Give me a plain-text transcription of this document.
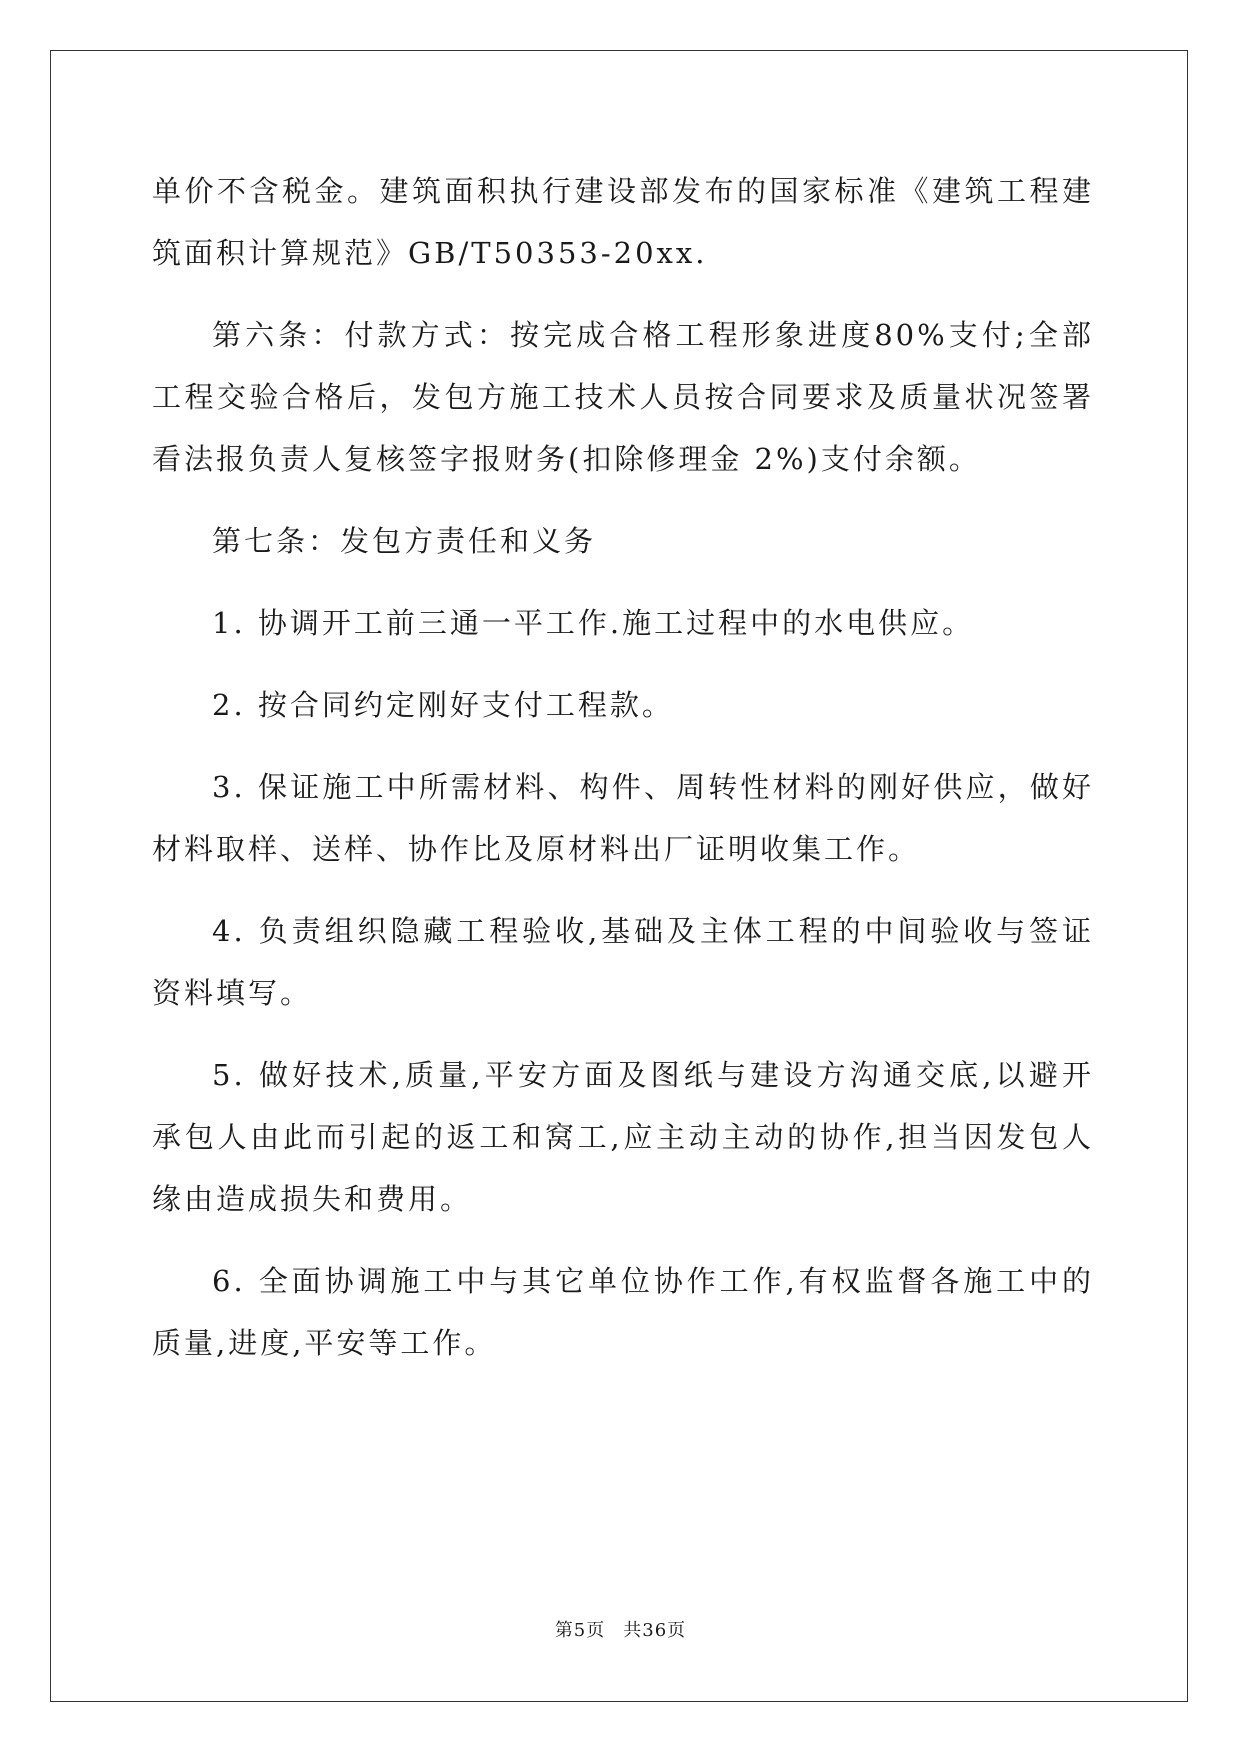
单价不含税金。建筑面积执行建设部发布的国家标准《建筑工程建筑面积计算规范》GB/T50353-20xx.

第六条：付款方式：按完成合格工程形象进度80%支付;全部工程交验合格后，发包方施工技术人员按合同要求及质量状况签署看法报负责人复核签字报财务(扣除修理金 2%)支付余额。

第七条：发包方责任和义务

1. 协调开工前三通一平工作.施工过程中的水电供应。

2. 按合同约定刚好支付工程款。

3. 保证施工中所需材料、构件、周转性材料的刚好供应，做好材料取样、送样、协作比及原材料出厂证明收集工作。

4. 负责组织隐藏工程验收,基础及主体工程的中间验收与签证资料填写。

5. 做好技术,质量,平安方面及图纸与建设方沟通交底,以避开承包人由此而引起的返工和窝工,应主动主动的协作,担当因发包人缘由造成损失和费用。

6. 全面协调施工中与其它单位协作工作,有权监督各施工中的质量,进度,平安等工作。

第5页 共36页
